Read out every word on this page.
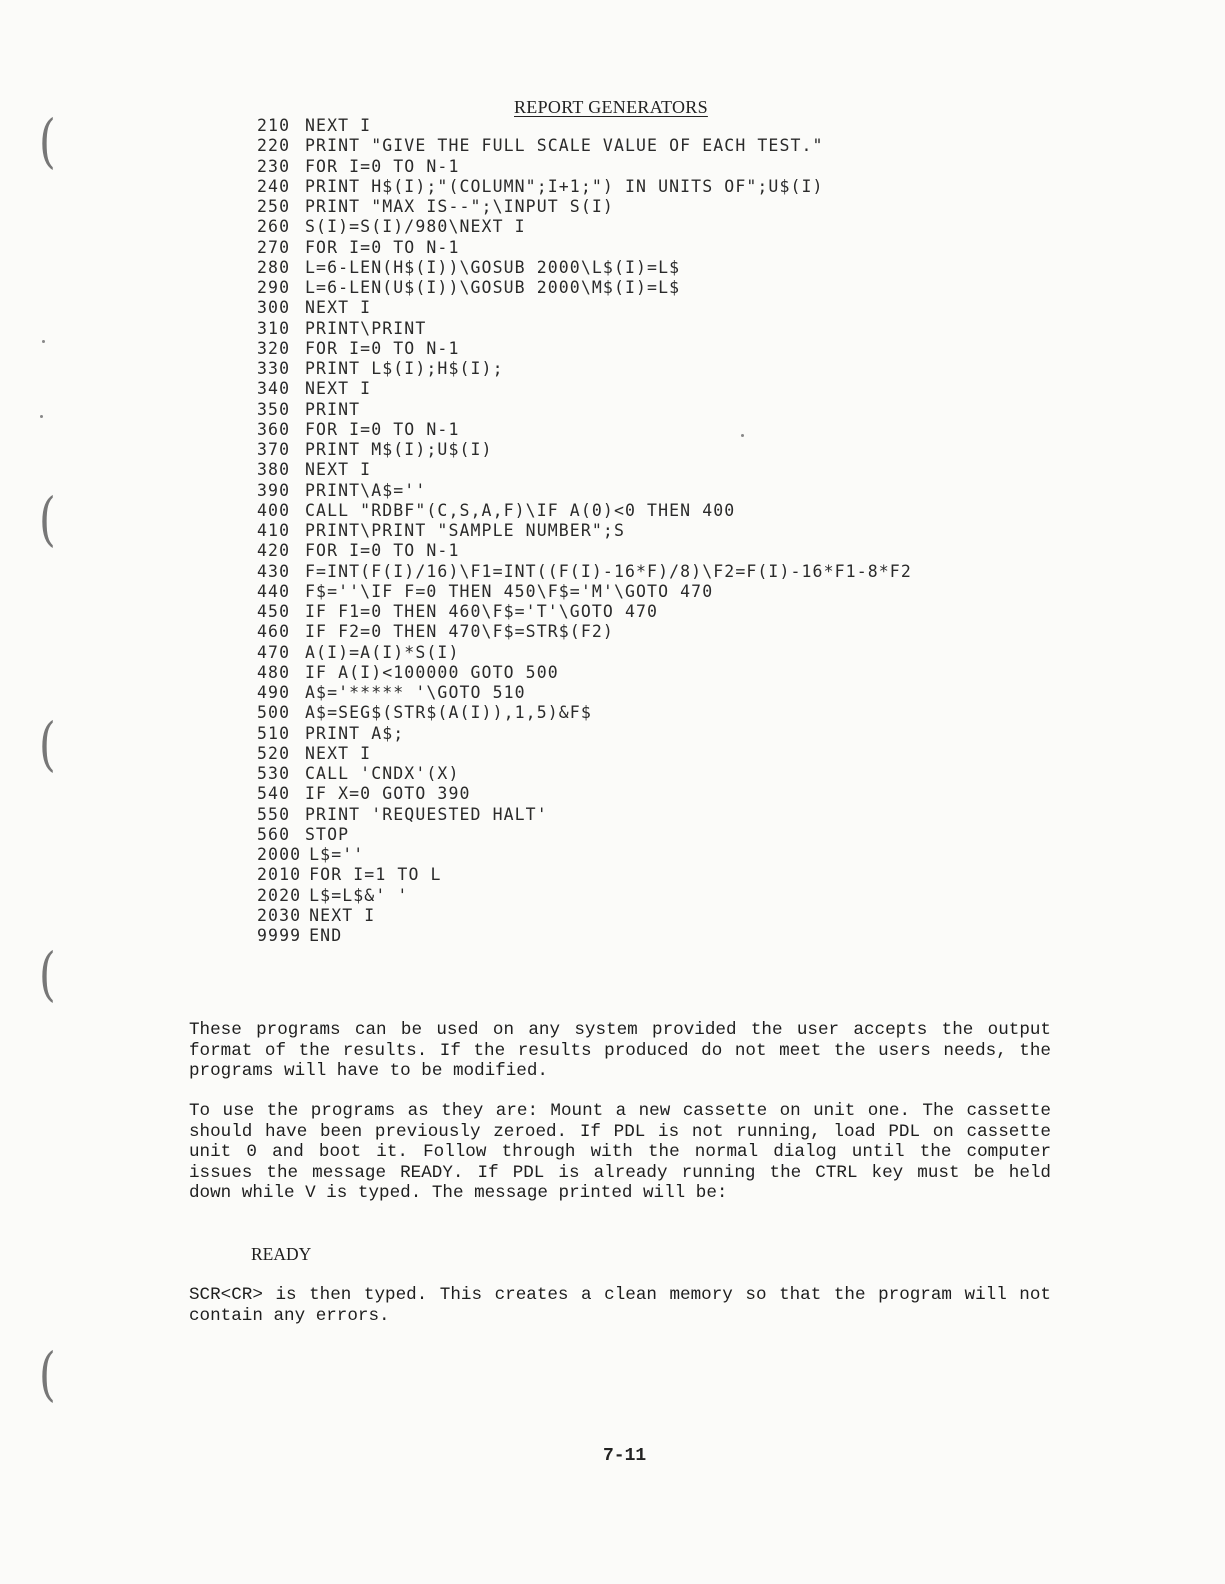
(
(
(
(
(
REPORT GENERATORS
210 NEXT I
220 PRINT "GIVE THE FULL SCALE VALUE OF EACH TEST."
230 FOR I=0 TO N-1
240 PRINT H$(I);"(COLUMN";I+1;") IN UNITS OF";U$(I)
250 PRINT "MAX IS--";\INPUT S(I)
260 S(I)=S(I)/980\NEXT I
270 FOR I=0 TO N-1
280 L=6-LEN(H$(I))\GOSUB 2000\L$(I)=L$
290 L=6-LEN(U$(I))\GOSUB 2000\M$(I)=L$
300 NEXT I
310 PRINT\PRINT
320 FOR I=0 TO N-1
330 PRINT L$(I);H$(I);
340 NEXT I
350 PRINT
360 FOR I=0 TO N-1
370 PRINT M$(I);U$(I)
380 NEXT I
390 PRINT\A$=''
400 CALL "RDBF"(C,S,A,F)\IF A(0)<0 THEN 400
410 PRINT\PRINT "SAMPLE NUMBER";S
420 FOR I=0 TO N-1
430 F=INT(F(I)/16)\F1=INT((F(I)-16*F)/8)\F2=F(I)-16*F1-8*F2
440 F$=''\IF F=0 THEN 450\F$='M'\GOTO 470
450 IF F1=0 THEN 460\F$='T'\GOTO 470
460 IF F2=0 THEN 470\F$=STR$(F2)
470 A(I)=A(I)*S(I)
480 IF A(I)<100000 GOTO 500
490 A$='***** '\GOTO 510
500 A$=SEG$(STR$(A(I)),1,5)&F$
510 PRINT A$;
520 NEXT I
530 CALL 'CNDX'(X)
540 IF X=0 GOTO 390
550 PRINT 'REQUESTED HALT'
560 STOP
2000 L$=''
2010 FOR I=1 TO L
2020 L$=L$&' '
2030 NEXT I
9999 END

These programs can be used on any system provided the user accepts the output format of the results. If the results produced do not meet the users needs, the programs will have to be modified.

To use the programs as they are: Mount a new cassette on unit one. The cassette should have been previously zeroed. If PDL is not running, load PDL on cassette unit 0 and boot it. Follow through with the normal dialog until the computer issues the message READY. If PDL is already running the CTRL key must be held down while V is typed. The message printed will be:

READY

SCR<CR> is then typed. This creates a clean memory so that the program will not contain any errors.

7-11
